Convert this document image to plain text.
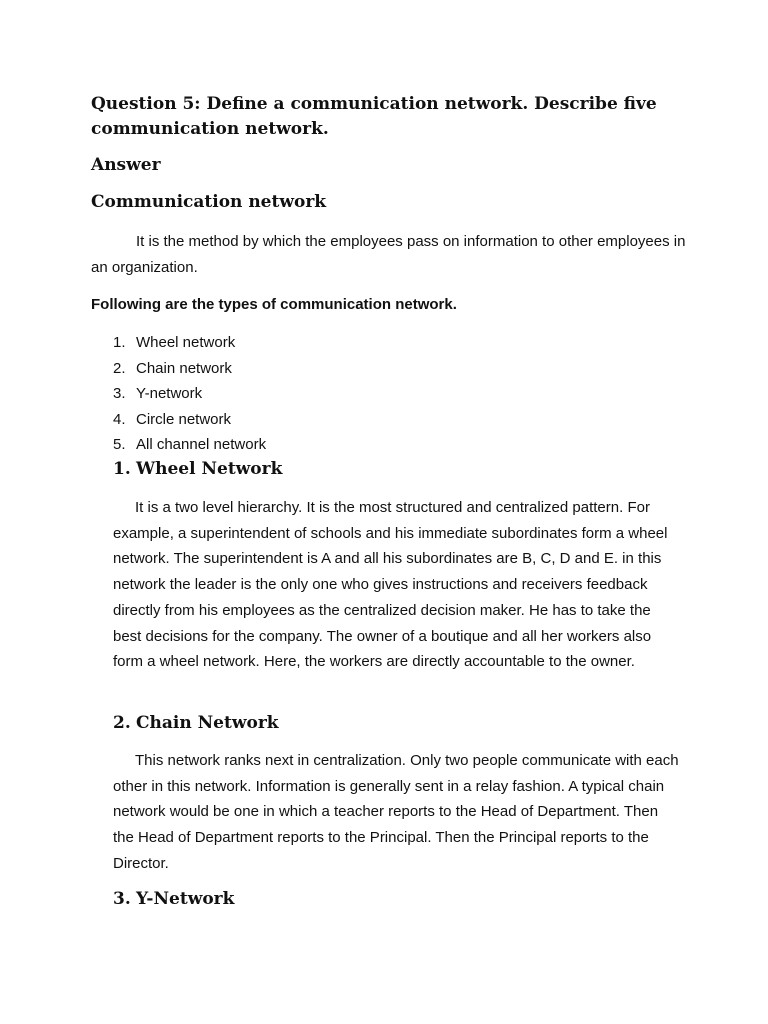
Question 5: Define a communication network. Describe five communication network.
Answer
Communication network
It is the method by which the employees pass on information to other employees in an organization.
Following are the types of communication network.
1. Wheel network
2. Chain network
3. Y-network
4. Circle network
5. All channel network
1. Wheel Network

It is a two level hierarchy. It is the most structured and centralized pattern. For example, a superintendent of schools and his immediate subordinates form a wheel network. The superintendent is A and all his subordinates are B, C, D and E. in this network the leader is the only one who gives instructions and receivers feedback directly from his employees as the centralized decision maker. He has to take the best decisions for the company. The owner of a boutique and all her workers also form a wheel network. Here, the workers are directly accountable to the owner.

2. Chain Network

This network ranks next in centralization. Only two people communicate with each other in this network. Information is generally sent in a relay fashion. A typical chain network would be one in which a teacher reports to the Head of Department. Then the Head of Department reports to the Principal. Then the Principal reports to the Director.

3. Y-Network
